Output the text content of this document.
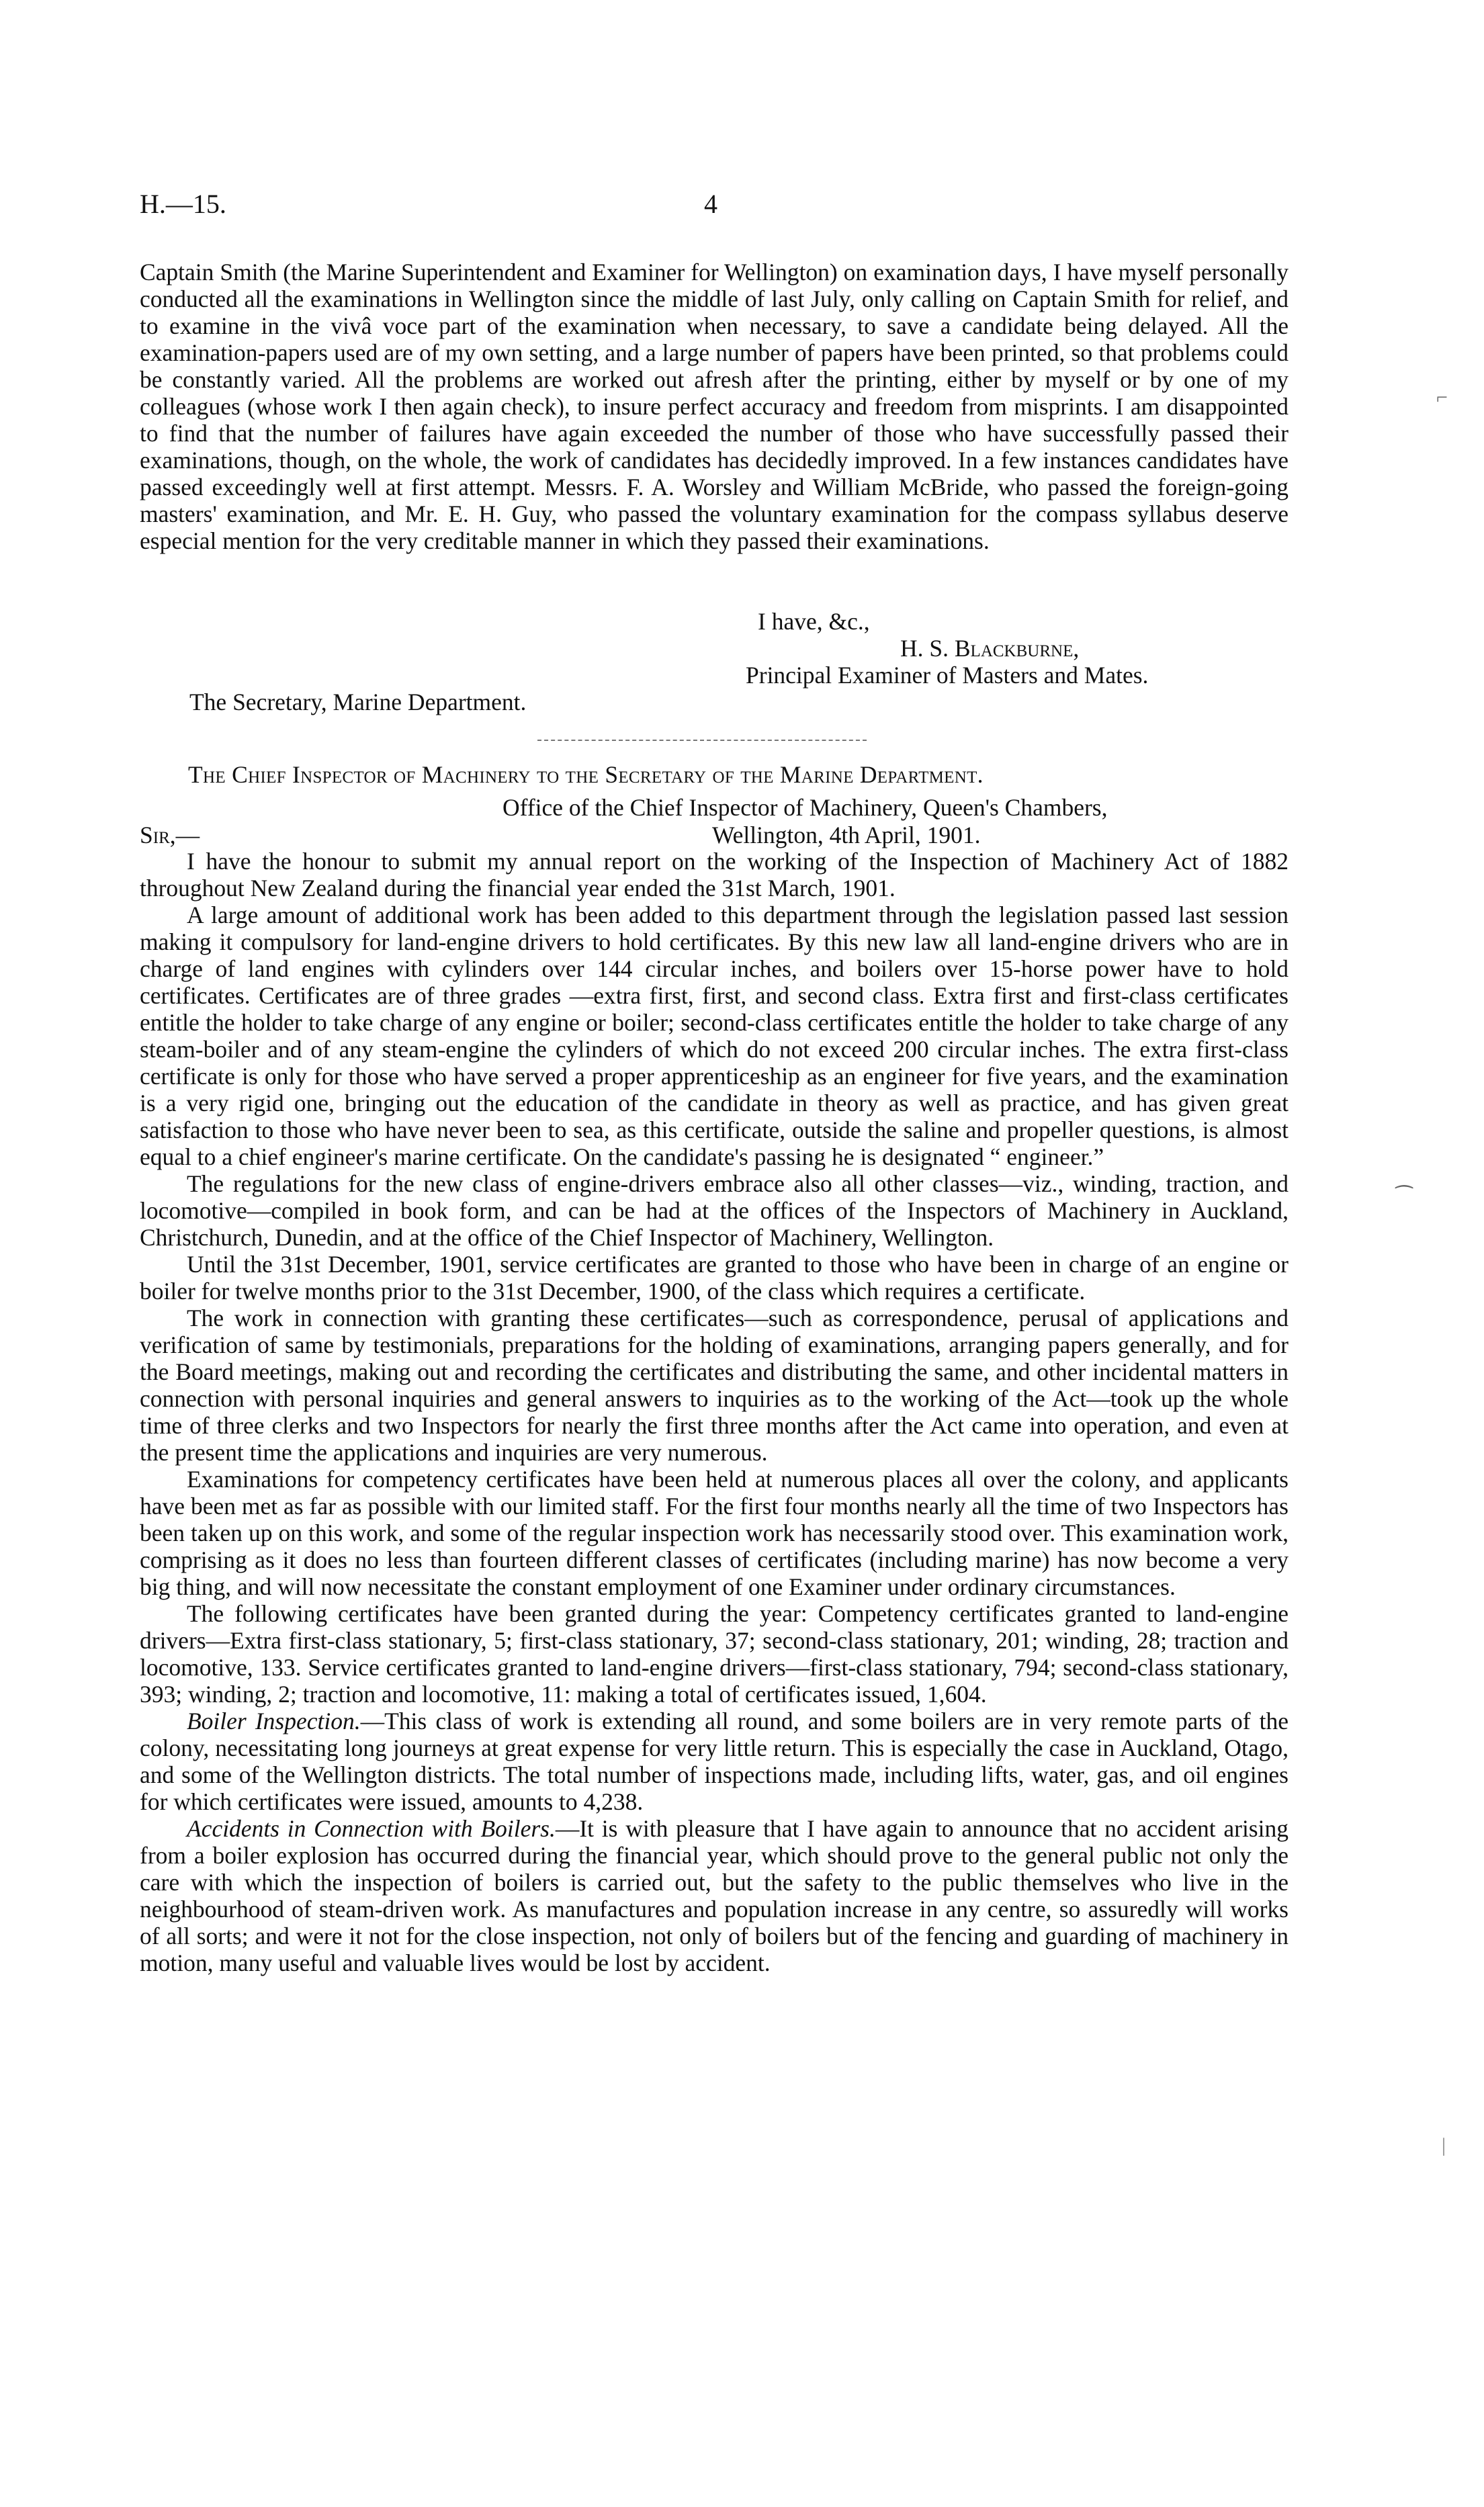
H.—15.	4

Captain Smith (the Marine Superintendent and Examiner for Wellington) on examination days, I have myself personally conducted all the examinations in Wellington since the middle of last July, only calling on Captain Smith for relief, and to examine in the vivâ voce part of the examination when necessary, to save a candidate being delayed. All the examination-papers used are of my own setting, and a large number of papers have been printed, so that problems could be constantly varied. All the problems are worked out afresh after the printing, either by myself or by one of my colleagues (whose work I then again check), to insure perfect accuracy and freedom from misprints. I am disappointed to find that the number of failures have again exceeded the number of those who have successfully passed their examinations, though, on the whole, the work of candidates has decidedly improved. In a few instances candidates have passed exceedingly well at first attempt. Messrs. F. A. Worsley and William McBride, who passed the foreign-going masters' examination, and Mr. E. H. Guy, who passed the voluntary examination for the compass syllabus deserve especial mention for the very creditable manner in which they passed their examinations.

I have, &c.,
H. S. Blackburne,
Principal Examiner of Masters and Mates.
The Secretary, Marine Department.
The Chief Inspector of Machinery to the Secretary of the Marine Department.
Office of the Chief Inspector of Machinery, Queen's Chambers,
Sir,—	Wellington, 4th April, 1901.

I have the honour to submit my annual report on the working of the Inspection of Machinery Act of 1882 throughout New Zealand during the financial year ended the 31st March, 1901.

A large amount of additional work has been added to this department through the legislation passed last session making it compulsory for land-engine drivers to hold certificates. By this new law all land-engine drivers who are in charge of land engines with cylinders over 144 circular inches, and boilers over 15-horse power have to hold certificates. Certificates are of three grades —extra first, first, and second class. Extra first and first-class certificates entitle the holder to take charge of any engine or boiler; second-class certificates entitle the holder to take charge of any steam-boiler and of any steam-engine the cylinders of which do not exceed 200 circular inches. The extra first-class certificate is only for those who have served a proper apprenticeship as an engineer for five years, and the examination is a very rigid one, bringing out the education of the candidate in theory as well as practice, and has given great satisfaction to those who have never been to sea, as this certificate, outside the saline and propeller questions, is almost equal to a chief engineer's marine certificate. On the candidate's passing he is designated “ engineer.”

The regulations for the new class of engine-drivers embrace also all other classes—viz., winding, traction, and locomotive—compiled in book form, and can be had at the offices of the Inspectors of Machinery in Auckland, Christchurch, Dunedin, and at the office of the Chief Inspector of Machinery, Wellington.

Until the 31st December, 1901, service certificates are granted to those who have been in charge of an engine or boiler for twelve months prior to the 31st December, 1900, of the class which requires a certificate.

The work in connection with granting these certificates—such as correspondence, perusal of applications and verification of same by testimonials, preparations for the holding of examinations, arranging papers generally, and for the Board meetings, making out and recording the certificates and distributing the same, and other incidental matters in connection with personal inquiries and general answers to inquiries as to the working of the Act—took up the whole time of three clerks and two Inspectors for nearly the first three months after the Act came into operation, and even at the present time the applications and inquiries are very numerous.

Examinations for competency certificates have been held at numerous places all over the colony, and applicants have been met as far as possible with our limited staff. For the first four months nearly all the time of two Inspectors has been taken up on this work, and some of the regular inspection work has necessarily stood over. This examination work, comprising as it does no less than fourteen different classes of certificates (including marine) has now become a very big thing, and will now necessitate the constant employment of one Examiner under ordinary circumstances.

The following certificates have been granted during the year: Competency certificates granted to land-engine drivers—Extra first-class stationary, 5; first-class stationary, 37; second-class stationary, 201; winding, 28; traction and locomotive, 133. Service certificates granted to land-engine drivers—first-class stationary, 794; second-class stationary, 393; winding, 2; traction and locomotive, 11: making a total of certificates issued, 1,604.

Boiler Inspection.—This class of work is extending all round, and some boilers are in very remote parts of the colony, necessitating long journeys at great expense for very little return. This is especially the case in Auckland, Otago, and some of the Wellington districts. The total number of inspections made, including lifts, water, gas, and oil engines for which certificates were issued, amounts to 4,238.

Accidents in Connection with Boilers.—It is with pleasure that I have again to announce that no accident arising from a boiler explosion has occurred during the financial year, which should prove to the general public not only the care with which the inspection of boilers is carried out, but the safety to the public themselves who live in the neighbourhood of steam-driven work. As manufactures and population increase in any centre, so assuredly will works of all sorts; and were it not for the close inspection, not only of boilers but of the fencing and guarding of machinery in motion, many useful and valuable lives would be lost by accident.

⌐
⁀
ᛁ
